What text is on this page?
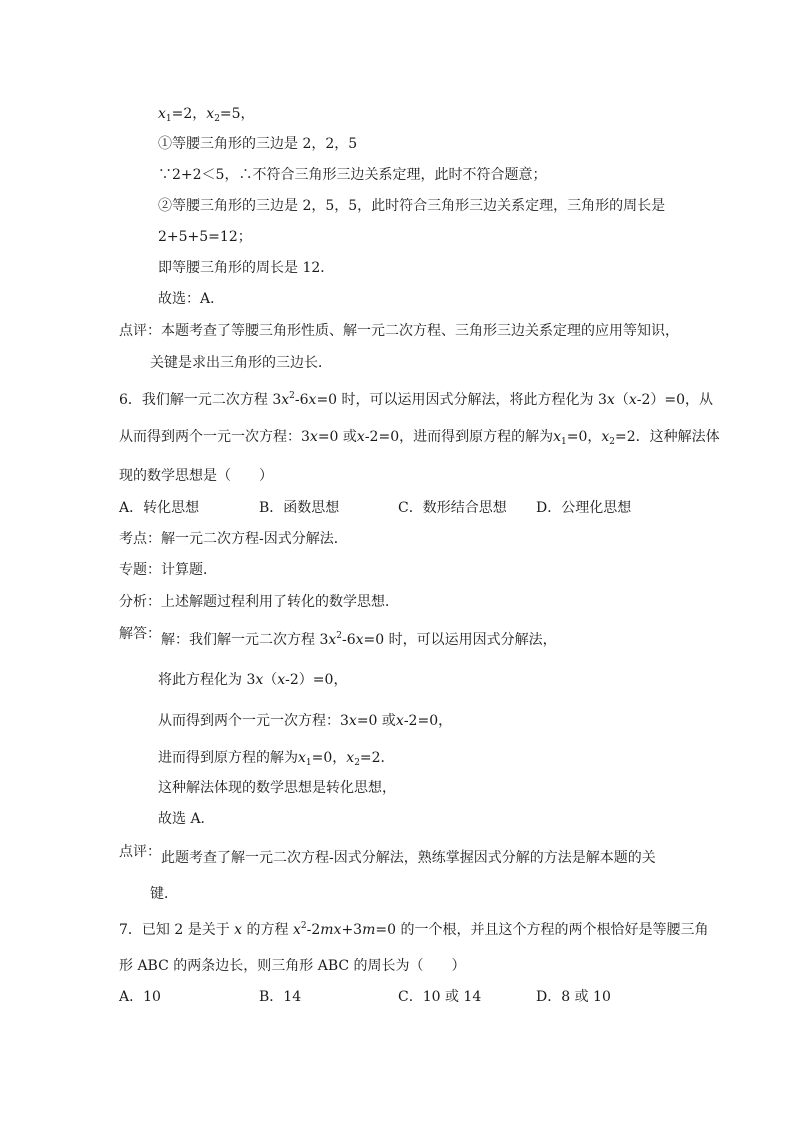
$x_1=2$，$x_2=5$，
①等腰三角形的三边是 2，2，5
∵2+2＜5，∴不符合三角形三边关系定理，此时不符合题意；
②等腰三角形的三边是 2，5，5，此时符合三角形三边关系定理，三角形的周长是
2+5+5=12；
即等腰三角形的周长是 12．
故选：A．
点评： 本题考查了等腰三角形性质、解一元二次方程、三角形三边关系定理的应用等知识，
关键是求出三角形的三边长．
6．我们解一元二次方程 $3x^2-6x=0$ 时，可以运用因式分解法，将此方程化为 3x（x-2）=0，从
从而得到两个一元一次方程：3x=0 或x-2=0，进而得到原方程的解为$x_1=0$，$x_2=2$．这种解法体
现的数学思想是（　　）
A．转化思想	B．函数思想	C．数形结合思想 D．公理化思想
考点：解一元二次方程-因式分解法．
专题：计算题．
分析：上述解题过程利用了转化的数学思想．
解答： 解：我们解一元二次方程 $3x^2-6x=0$ 时，可以运用因式分解法，
将此方程化为 3x（x-2）=0，
从而得到两个一元一次方程：3x=0 或x-2=0，
进而得到原方程的解为$x_1=0$，$x_2=2$．
这种解法体现的数学思想是转化思想，
故选 A．
点评： 此题考查了解一元二次方程-因式分解法，熟练掌握因式分解的方法是解本题的关
键．
7．已知 2 是关于 x 的方程 $x^2-2mx+3m=0$ 的一个根，并且这个方程的两个根恰好是等腰三角
形 ABC 的两条边长，则三角形 ABC 的周长为（　　）
A．10	B．14	C．10 或 14	D．8 或 10
